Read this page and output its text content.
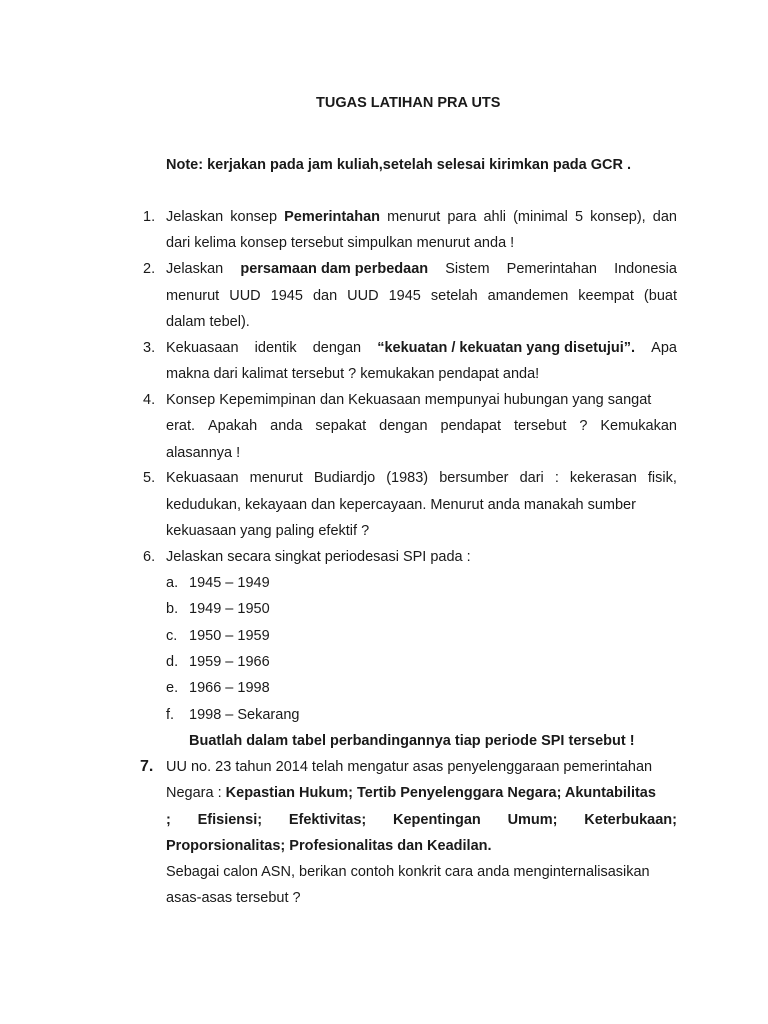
TUGAS LATIHAN PRA UTS
Note: kerjakan pada jam kuliah,setelah selesai kirimkan pada GCR .
1. Jelaskan konsep Pemerintahan menurut para ahli (minimal 5 konsep), dan
dari kelima konsep tersebut simpulkan menurut anda !
2. Jelaskan persamaan dam perbedaan Sistem Pemerintahan Indonesia
menurut UUD 1945 dan UUD 1945 setelah amandemen keempat (buat
dalam tebel).
3. Kekuasaan identik dengan “kekuatan / kekuatan yang disetujui”. Apa
makna dari kalimat tersebut ? kemukakan pendapat anda!
4. Konsep Kepemimpinan dan Kekuasaan mempunyai hubungan yang sangat
erat. Apakah anda sepakat dengan pendapat tersebut ? Kemukakan
alasannya !
5. Kekuasaan menurut Budiardjo (1983) bersumber dari : kekerasan fisik,
kedudukan, kekayaan dan kepercayaan. Menurut anda manakah sumber
kekuasaan yang paling efektif ?
6. Jelaskan secara singkat periodesasi SPI pada :
a. 1945 – 1949
b. 1949 – 1950
c. 1950 – 1959
d. 1959 – 1966
e. 1966 – 1998
f. 1998 – Sekarang
Buatlah dalam tabel perbandingannya tiap periode SPI tersebut !
7. UU no. 23 tahun 2014 telah mengatur asas penyelenggaraan pemerintahan
Negara : Kepastian Hukum; Tertib Penyelenggara Negara; Akuntabilitas
; Efisiensi; Efektivitas; Kepentingan Umum; Keterbukaan;
Proporsionalitas; Profesionalitas dan Keadilan.
Sebagai calon ASN, berikan contoh konkrit cara anda menginternalisasikan
asas-asas tersebut ?
